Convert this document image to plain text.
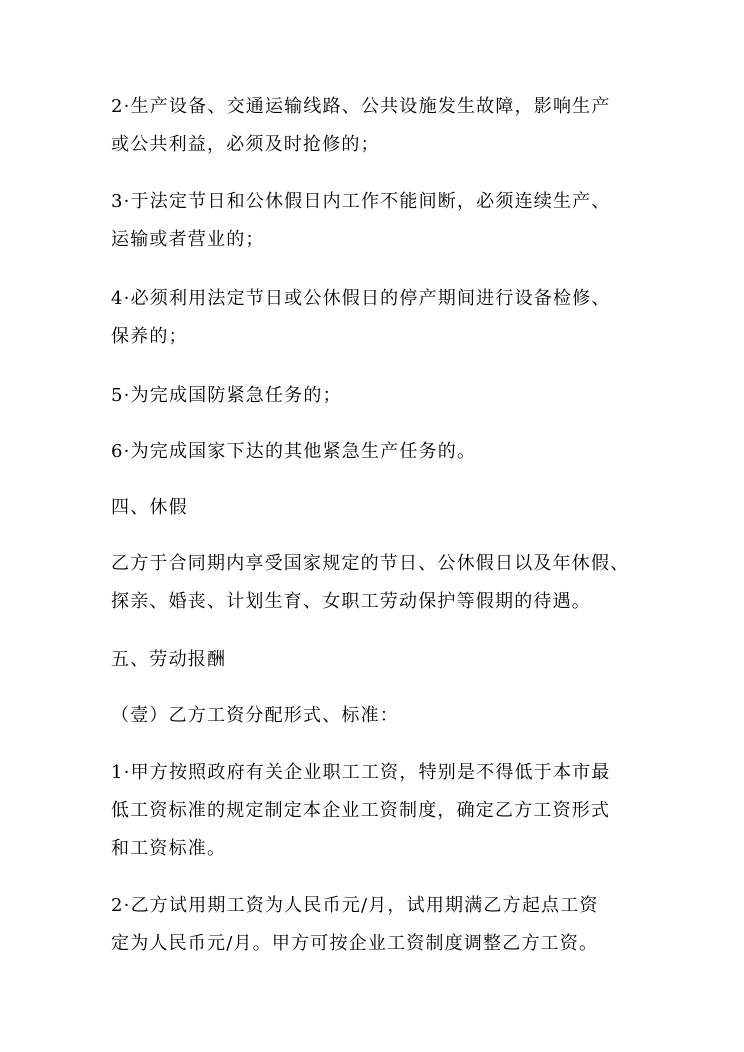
2·生产设备、交通运输线路、公共设施发生故障，影响生产
或公共利益，必须及时抢修的；
3·于法定节日和公休假日内工作不能间断，必须连续生产、
运输或者营业的；
4·必须利用法定节日或公休假日的停产期间进行设备检修、
保养的；
5·为完成国防紧急任务的；
6·为完成国家下达的其他紧急生产任务的。
四、休假
乙方于合同期内享受国家规定的节日、公休假日以及年休假、
探亲、婚丧、计划生育、女职工劳动保护等假期的待遇。
五、劳动报酬
（壹）乙方工资分配形式、标准：
1·甲方按照政府有关企业职工工资，特别是不得低于本市最
低工资标准的规定制定本企业工资制度，确定乙方工资形式
和工资标准。
2·乙方试用期工资为人民币元/月，试用期满乙方起点工资
定为人民币元/月。甲方可按企业工资制度调整乙方工资。
